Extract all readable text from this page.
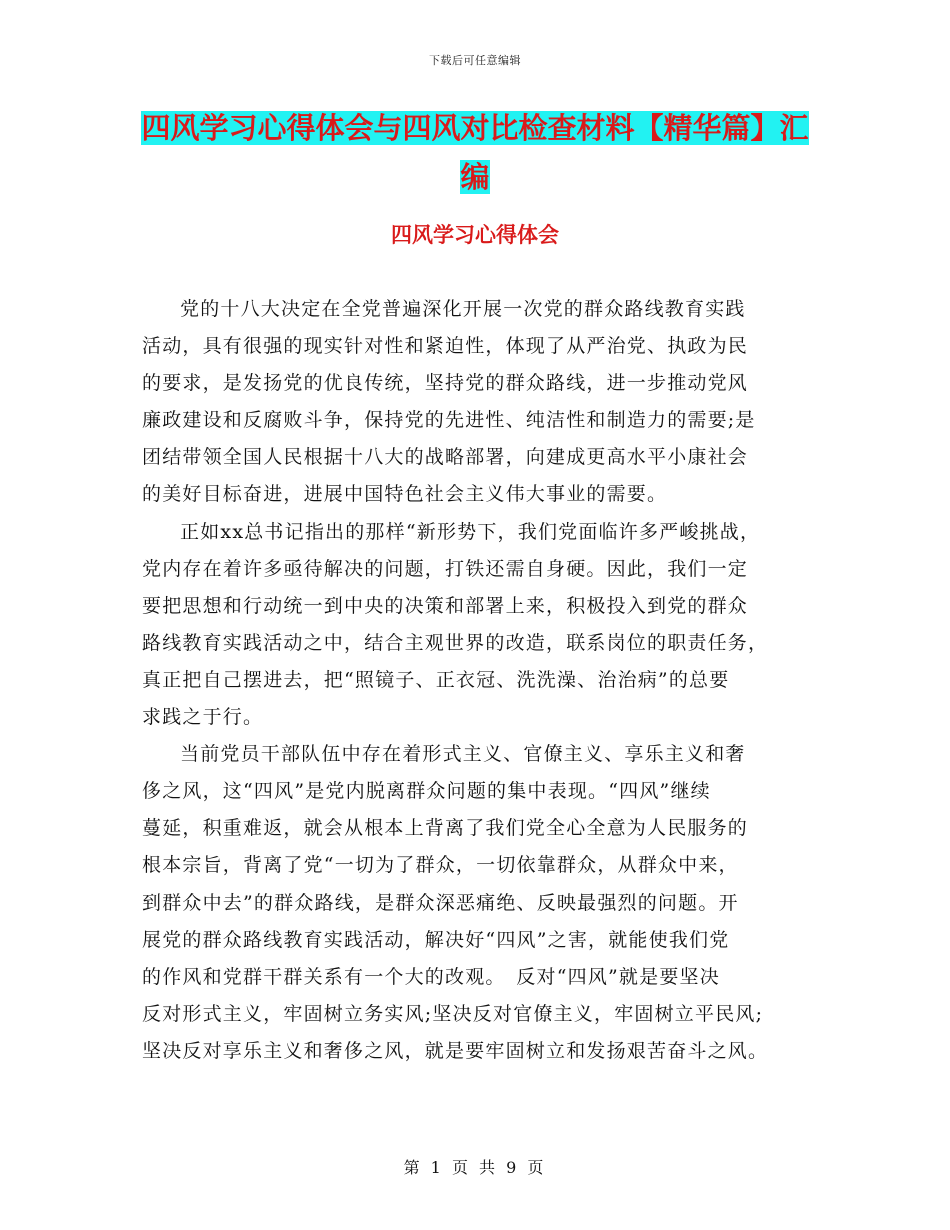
下载后可任意编辑
四风学习心得体会与四风对比检查材料【精华篇】汇
编
四风学习心得体会

党的十八大决定在全党普遍深化开展一次党的群众路线教育实践
活动，具有很强的现实针对性和紧迫性，体现了从严治党、执政为民
的要求，是发扬党的优良传统，坚持党的群众路线，进一步推动党风
廉政建设和反腐败斗争，保持党的先进性、纯洁性和制造力的需要;是
团结带领全国人民根据十八大的战略部署，向建成更高水平小康社会
的美好目标奋进，进展中国特色社会主义伟大事业的需要。

正如xx总书记指出的那样“新形势下，我们党面临许多严峻挑战，
党内存在着许多亟待解决的问题，打铁还需自身硬。因此，我们一定
要把思想和行动统一到中央的决策和部署上来，积极投入到党的群众
路线教育实践活动之中，结合主观世界的改造，联系岗位的职责任务，
真正把自己摆进去，把“照镜子、正衣冠、洗洗澡、治治病”的总要
求践之于行。

当前党员干部队伍中存在着形式主义、官僚主义、享乐主义和奢
侈之风，这“四风”是党内脱离群众问题的集中表现。“四风”继续
蔓延，积重难返，就会从根本上背离了我们党全心全意为人民服务的
根本宗旨，背离了党“一切为了群众，一切依靠群众，从群众中来，
到群众中去”的群众路线，是群众深恶痛绝、反映最强烈的问题。开
展党的群众路线教育实践活动，解决好“四风”之害，就能使我们党
的作风和党群干群关系有一个大的改观。　反对“四风”就是要坚决
反对形式主义，牢固树立务实风;坚决反对官僚主义，牢固树立平民风;
坚决反对享乐主义和奢侈之风，就是要牢固树立和发扬艰苦奋斗之风。

第 1 页 共 9 页
